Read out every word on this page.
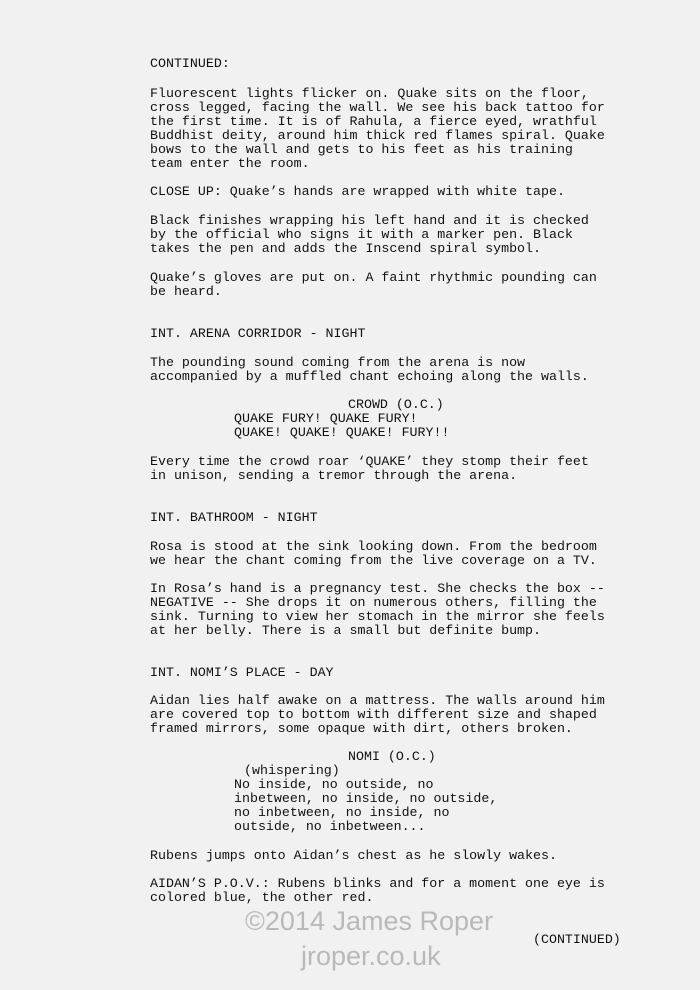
CONTINUED:
Fluorescent lights flicker on. Quake sits on the floor,
cross legged, facing the wall. We see his back tattoo for
the first time. It is of Rahula, a fierce eyed, wrathful
Buddhist deity, around him thick red flames spiral. Quake
bows to the wall and gets to his feet as his training
team enter the room.
CLOSE UP: Quake’s hands are wrapped with white tape.
Black finishes wrapping his left hand and it is checked
by the official who signs it with a marker pen. Black
takes the pen and adds the Inscend spiral symbol.
Quake’s gloves are put on. A faint rhythmic pounding can
be heard.
INT. ARENA CORRIDOR - NIGHT
The pounding sound coming from the arena is now
accompanied by a muffled chant echoing along the walls.
CROWD (O.C.)
QUAKE FURY! QUAKE FURY!
QUAKE! QUAKE! QUAKE! FURY!!
Every time the crowd roar ‘QUAKE’ they stomp their feet
in unison, sending a tremor through the arena.
INT. BATHROOM - NIGHT
Rosa is stood at the sink looking down. From the bedroom
we hear the chant coming from the live coverage on a TV.
In Rosa’s hand is a pregnancy test. She checks the box --
NEGATIVE -- She drops it on numerous others, filling the
sink. Turning to view her stomach in the mirror she feels
at her belly. There is a small but definite bump.
INT. NOMI’S PLACE - DAY
Aidan lies half awake on a mattress. The walls around him
are covered top to bottom with different size and shaped
framed mirrors, some opaque with dirt, others broken.
NOMI (O.C.)
(whispering)
No inside, no outside, no
inbetween, no inside, no outside,
no inbetween, no inside, no
outside, no inbetween...
Rubens jumps onto Aidan’s chest as he slowly wakes.
AIDAN’S P.O.V.: Rubens blinks and for a moment one eye is
colored blue, the other red.
(CONTINUED)
©2014 James Roper
jroper.co.uk
